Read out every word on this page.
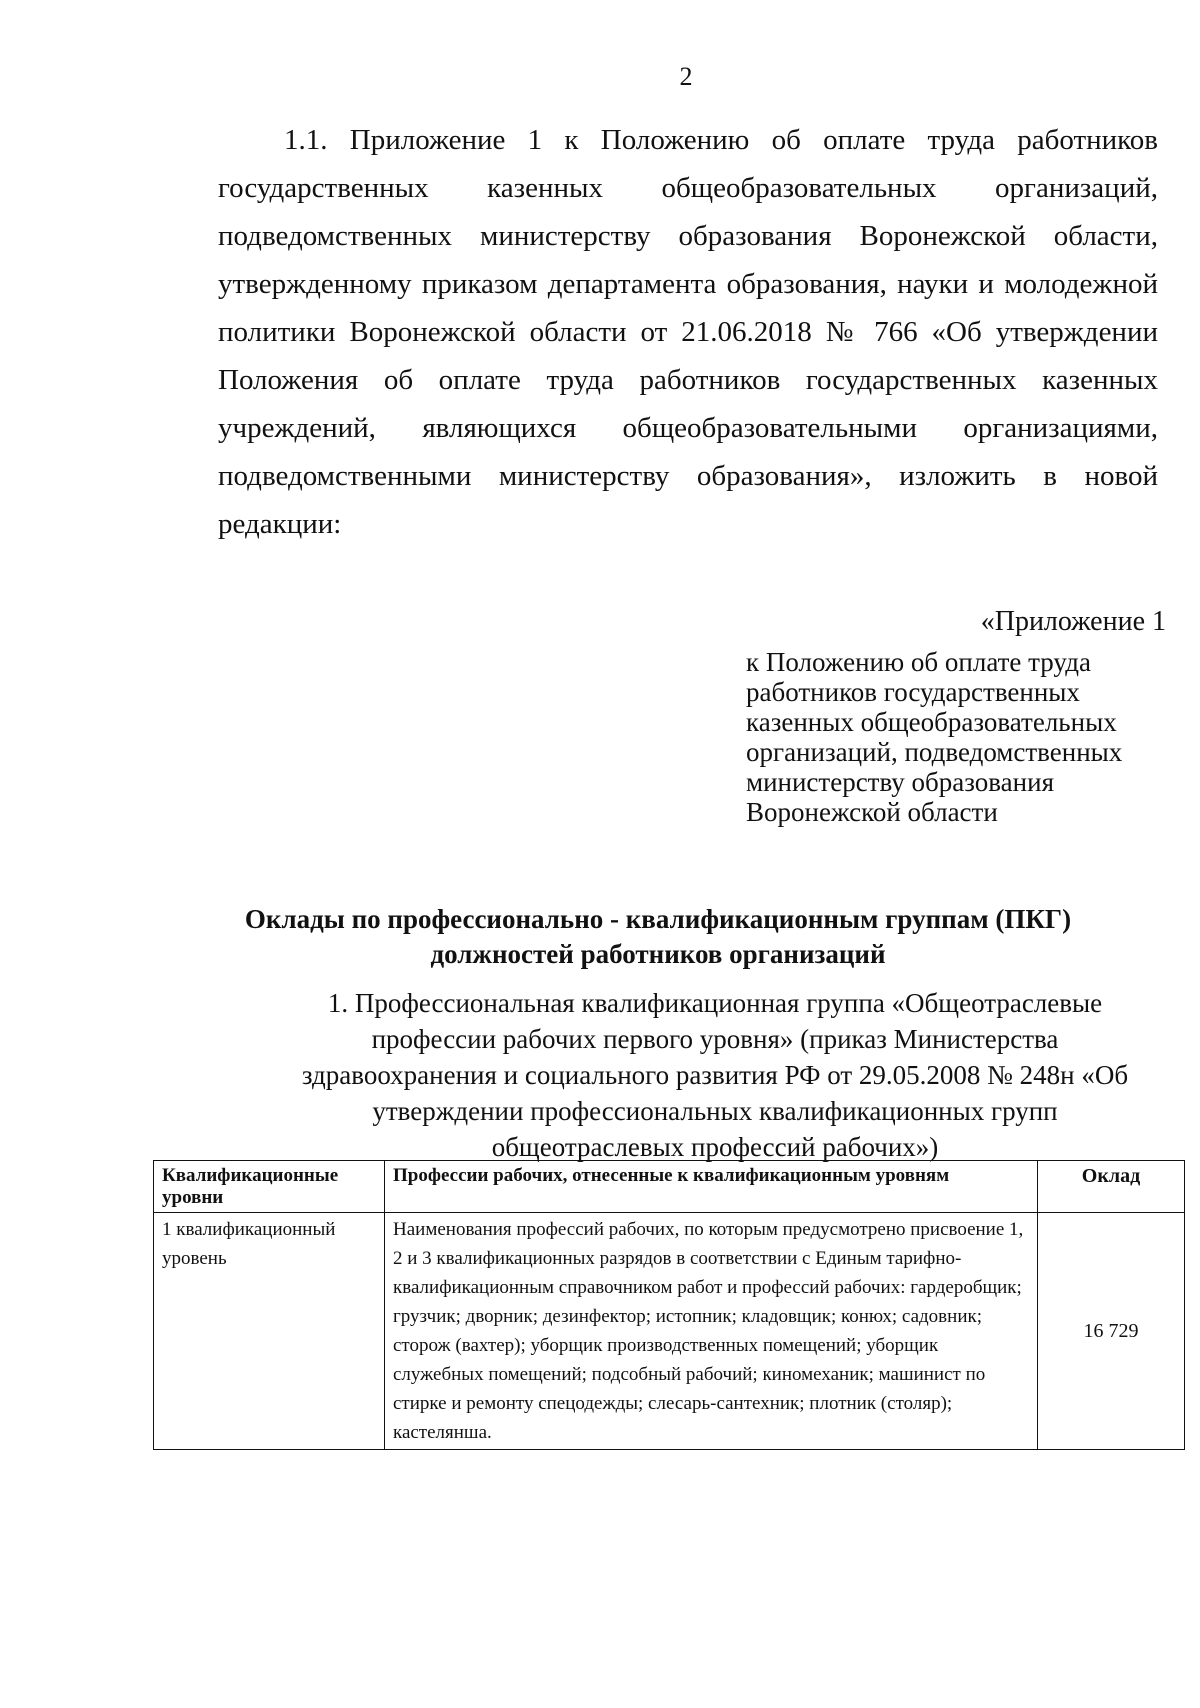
2

1.1. Приложение 1 к Положению об оплате труда работников государственных казенных общеобразовательных организаций, подведомственных министерству образования Воронежской области, утвержденному приказом департамента образования, науки и молодежной политики Воронежской области от 21.06.2018 № 766 «Об утверждении Положения об оплате труда работников государственных казенных учреждений, являющихся общеобразовательными организациями, подведомственными министерству образования», изложить в новой редакции:

«Приложение 1
к Положению об оплате труда
работников государственных
казенных общеобразовательных
организаций, подведомственных
министерству образования
Воронежской области
Оклады по профессионально - квалификационным группам (ПКГ)
должностей работников организаций
1. Профессиональная квалификационная группа «Общеотраслевые профессии рабочих первого уровня» (приказ Министерства здравоохранения и социального развития РФ от 29.05.2008 № 248н «Об утверждении профессиональных квалификационных групп общеотраслевых профессий рабочих»)
Квалификационные уровни	Профессии рабочих, отнесенные к квалификационным уровням	Оклад
1 квалификационный уровень	Наименования профессий рабочих, по которым предусмотрено присвоение 1, 2 и 3 квалификационных разрядов в соответствии с Единым тарифно-квалификационным справочником работ и профессий рабочих: гардеробщик; грузчик; дворник; дезинфектор; истопник; кладовщик; конюх; садовник; сторож (вахтер); уборщик производственных помещений; уборщик служебных помещений; подсобный рабочий; киномеханик; машинист по стирке и ремонту спецодежды; слесарь-сантехник; плотник (столяр); кастелянша.	16 729
